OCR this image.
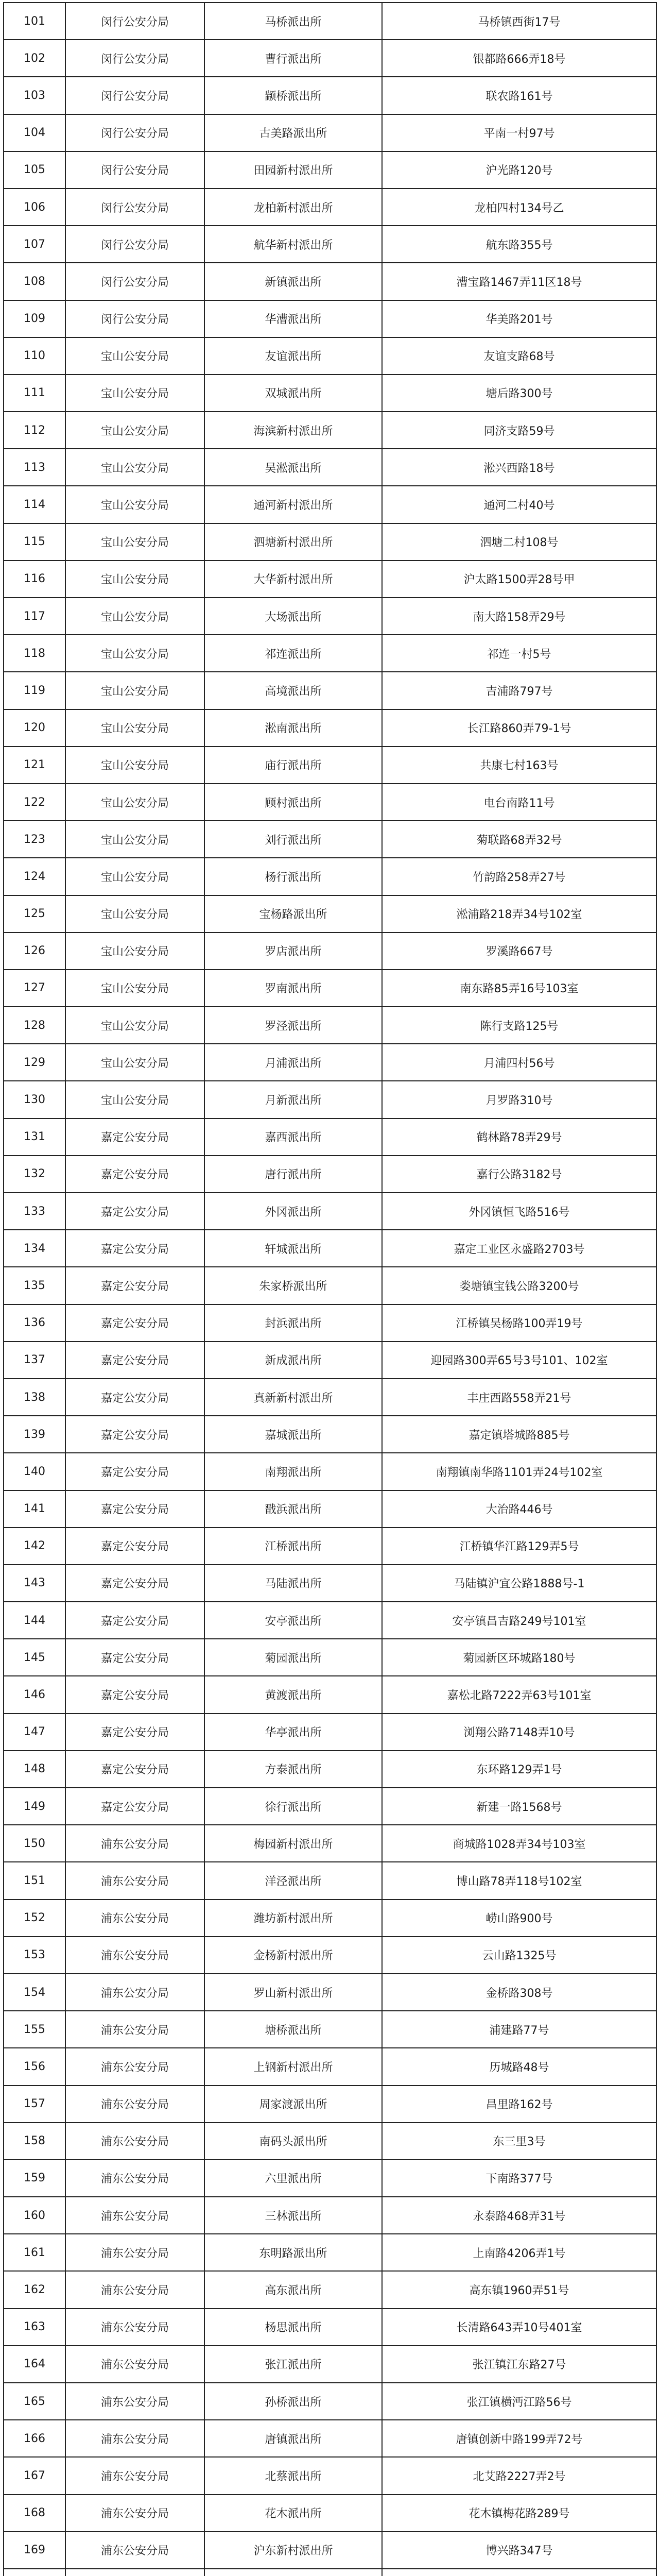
101	闵行公安分局	马桥派出所	马桥镇西街17号
102	闵行公安分局	曹行派出所	银都路666弄18号
103	闵行公安分局	颛桥派出所	联农路161号
104	闵行公安分局	古美路派出所	平南一村97号
105	闵行公安分局	田园新村派出所	沪光路120号
106	闵行公安分局	龙柏新村派出所	龙柏四村134号乙
107	闵行公安分局	航华新村派出所	航东路355号
108	闵行公安分局	新镇派出所	漕宝路1467弄11区18号
109	闵行公安分局	华漕派出所	华美路201号
110	宝山公安分局	友谊派出所	友谊支路68号
111	宝山公安分局	双城派出所	塘后路300号
112	宝山公安分局	海滨新村派出所	同济支路59号
113	宝山公安分局	吴淞派出所	淞兴西路18号
114	宝山公安分局	通河新村派出所	通河二村40号
115	宝山公安分局	泗塘新村派出所	泗塘二村108号
116	宝山公安分局	大华新村派出所	沪太路1500弄28号甲
117	宝山公安分局	大场派出所	南大路158弄29号
118	宝山公安分局	祁连派出所	祁连一村5号
119	宝山公安分局	高境派出所	吉浦路797号
120	宝山公安分局	淞南派出所	长江路860弄79-1号
121	宝山公安分局	庙行派出所	共康七村163号
122	宝山公安分局	顾村派出所	电台南路11号
123	宝山公安分局	刘行派出所	菊联路68弄32号
124	宝山公安分局	杨行派出所	竹韵路258弄27号
125	宝山公安分局	宝杨路派出所	淞浦路218弄34号102室
126	宝山公安分局	罗店派出所	罗溪路667号
127	宝山公安分局	罗南派出所	南东路85弄16号103室
128	宝山公安分局	罗泾派出所	陈行支路125号
129	宝山公安分局	月浦派出所	月浦四村56号
130	宝山公安分局	月新派出所	月罗路310号
131	嘉定公安分局	嘉西派出所	鹤林路78弄29号
132	嘉定公安分局	唐行派出所	嘉行公路3182号
133	嘉定公安分局	外冈派出所	外冈镇恒飞路516号
134	嘉定公安分局	轩城派出所	嘉定工业区永盛路2703号
135	嘉定公安分局	朱家桥派出所	娄塘镇宝钱公路3200号
136	嘉定公安分局	封浜派出所	江桥镇吴杨路100弄19号
137	嘉定公安分局	新成派出所	迎园路300弄65号3号101、102室
138	嘉定公安分局	真新新村派出所	丰庄西路558弄21号
139	嘉定公安分局	嘉城派出所	嘉定镇塔城路885号
140	嘉定公安分局	南翔派出所	南翔镇南华路1101弄24号102室
141	嘉定公安分局	戬浜派出所	大治路446号
142	嘉定公安分局	江桥派出所	江桥镇华江路129弄5号
143	嘉定公安分局	马陆派出所	马陆镇沪宜公路1888号-1
144	嘉定公安分局	安亭派出所	安亭镇昌吉路249号101室
145	嘉定公安分局	菊园派出所	菊园新区环城路180号
146	嘉定公安分局	黄渡派出所	嘉松北路7222弄63号101室
147	嘉定公安分局	华亭派出所	浏翔公路7148弄10号
148	嘉定公安分局	方泰派出所	东环路129弄1号
149	嘉定公安分局	徐行派出所	新建一路1568号
150	浦东公安分局	梅园新村派出所	商城路1028弄34号103室
151	浦东公安分局	洋泾派出所	博山路78弄118号102室
152	浦东公安分局	潍坊新村派出所	崂山路900号
153	浦东公安分局	金杨新村派出所	云山路1325号
154	浦东公安分局	罗山新村派出所	金桥路308号
155	浦东公安分局	塘桥派出所	浦建路77号
156	浦东公安分局	上钢新村派出所	历城路48号
157	浦东公安分局	周家渡派出所	昌里路162号
158	浦东公安分局	南码头派出所	东三里3号
159	浦东公安分局	六里派出所	下南路377号
160	浦东公安分局	三林派出所	永泰路468弄31号
161	浦东公安分局	东明路派出所	上南路4206弄1号
162	浦东公安分局	高东派出所	高东镇1960弄51号
163	浦东公安分局	杨思派出所	长清路643弄10号401室
164	浦东公安分局	张江派出所	张江镇江东路27号
165	浦东公安分局	孙桥派出所	张江镇横沔江路56号
166	浦东公安分局	唐镇派出所	唐镇创新中路199弄72号
167	浦东公安分局	北蔡派出所	北艾路2227弄2号
168	浦东公安分局	花木派出所	花木镇梅花路289号
169	浦东公安分局	沪东新村派出所	博兴路347号
